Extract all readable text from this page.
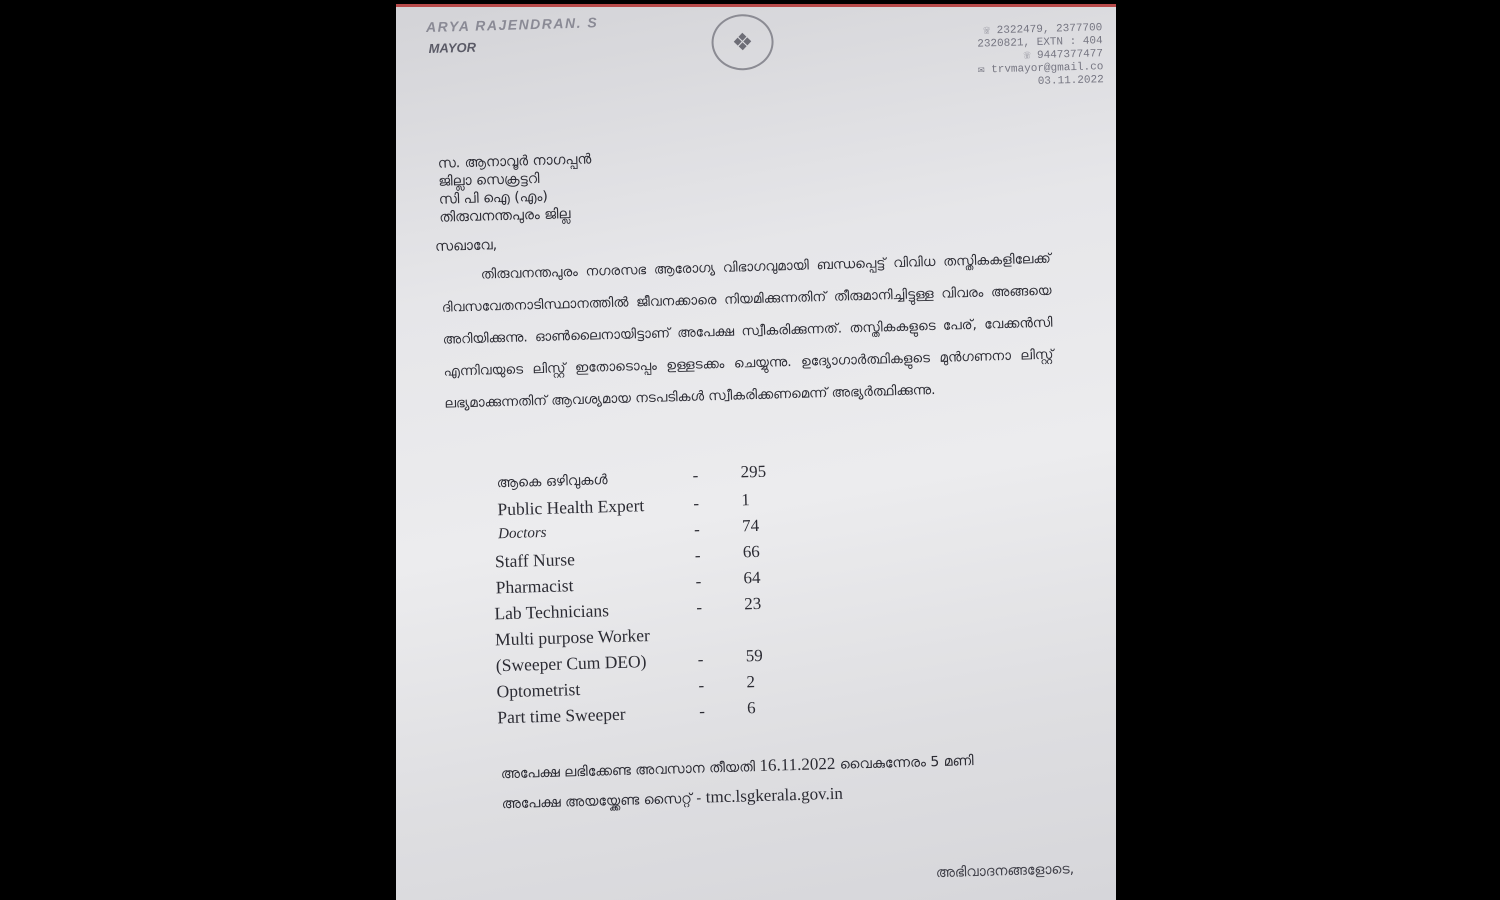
ARYA RAJENDRAN. S
MAYOR	❖	☏ 2322479, 2377700
2320821, EXTN : 404
☏ 9447377477
✉ trvmayor@gmail.co
03.11.2022
സ. ആനാവൂർ നാഗപ്പൻ
ജില്ലാ സെക്രട്ടറി
സി പി ഐ (എം)
തിരുവനന്തപുരം ജില്ല
സഖാവേ,
തിരുവനന്തപുരം നഗരസഭ ആരോഗ്യ വിഭാഗവുമായി ബന്ധപ്പെട്ട് വിവിധ തസ്തികകളിലേക്ക് ദിവസവേതനാടിസ്ഥാനത്തിൽ ജീവനക്കാരെ നിയമിക്കുന്നതിന് തീരുമാനിച്ചിട്ടുള്ള വിവരം അങ്ങയെ അറിയിക്കുന്നു. ഓൺലൈനായിട്ടാണ് അപേക്ഷ സ്വീകരിക്കുന്നത്. തസ്തികകളുടെ പേര്, വേക്കൻസി എന്നിവയുടെ ലിസ്റ്റ് ഇതോടൊപ്പം ഉള്ളടക്കം ചെയ്യുന്നു. ഉദ്യോഗാർത്ഥികളുടെ മുൻഗണനാ ലിസ്റ്റ് ലഭ്യമാക്കുന്നതിന് ആവശ്യമായ നടപടികൾ സ്വീകരിക്കണമെന്ന് അഭ്യർത്ഥിക്കുന്നു.
ആകെ ഒഴിവുകൾ	- 295
Public Health Expert	- 1
Doctors	- 74
Staff Nurse	- 66
Pharmacist	- 64
Lab Technicians	- 23
Multi purpose Worker
(Sweeper Cum DEO)	- 59
Optometrist	- 2
Part time Sweeper	- 6
അപേക്ഷ ലഭിക്കേണ്ട അവസാന തീയതി 16.11.2022 വൈകുന്നേരം 5 മണി
അപേക്ഷ അയയ്ക്കേണ്ട സൈറ്റ് - tmc.lsgkerala.gov.in
അഭിവാദനങ്ങളോടെ,
